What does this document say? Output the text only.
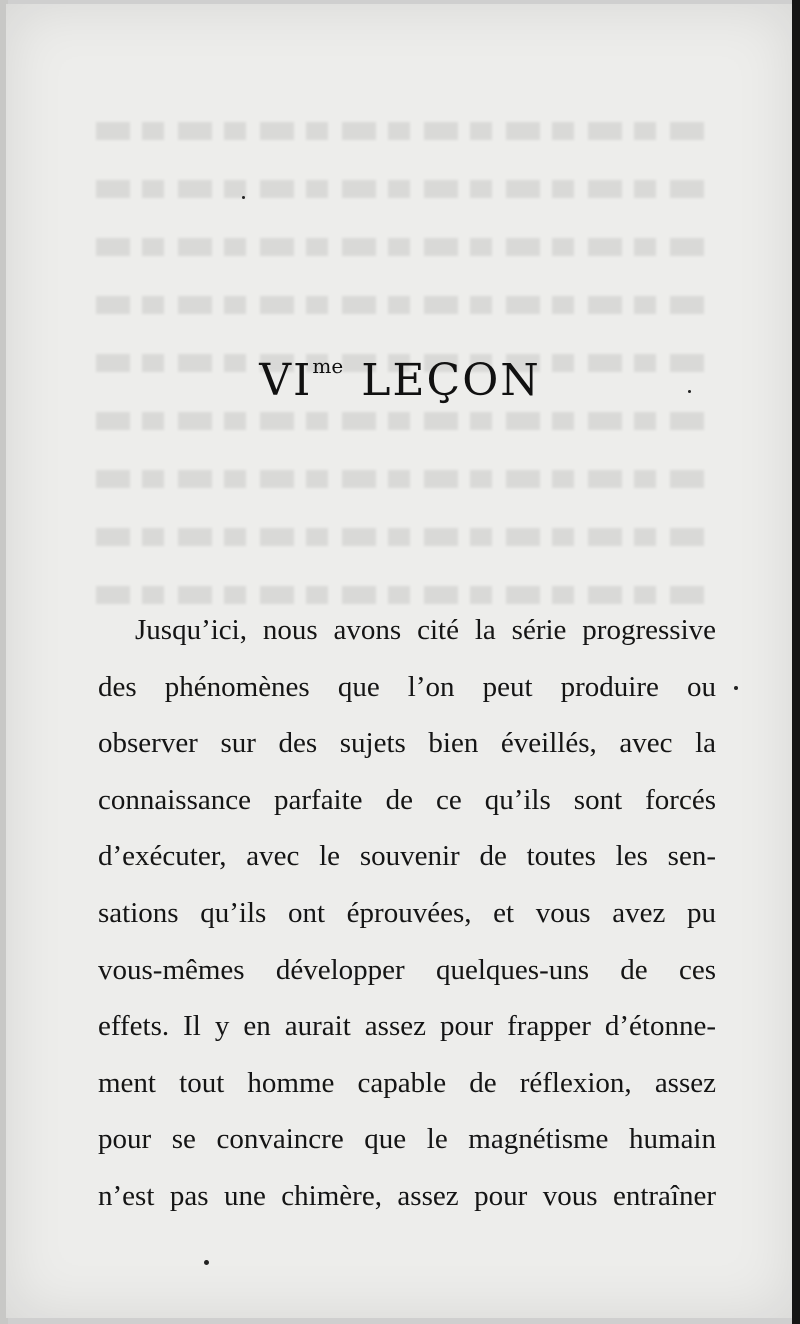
$VI^{me}$ LEÇON
Jusqu’ici, nous avons cité la série progressive
des phénomènes que l’on peut produire ou
observer sur des sujets bien éveillés, avec la
connaissance parfaite de ce qu’ils sont forcés
d’exécuter, avec le souvenir de toutes les sen-
sations qu’ils ont éprouvées, et vous avez pu
vous-mêmes développer quelques-uns de ces
effets. Il y en aurait assez pour frapper d’étonne-
ment tout homme capable de réflexion, assez
pour se convaincre que le magnétisme humain
n’est pas une chimère, assez pour vous entraîner
